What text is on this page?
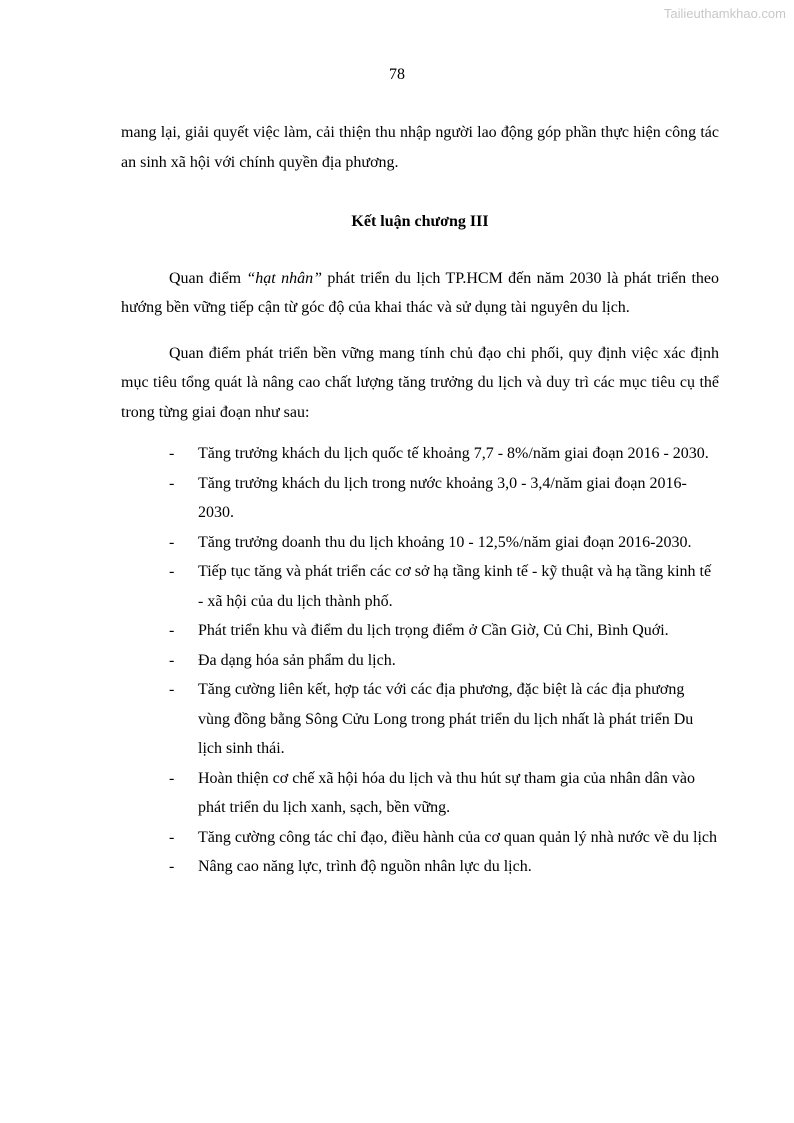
Tailieuthamkhao.com
78

mang lại, giải quyết việc làm, cải thiện thu nhập người lao động góp phần thực hiện công tác an sinh xã hội với chính quyền địa phương.

Kết luận chương III

Quan điểm “hạt nhân” phát triển du lịch TP.HCM đến năm 2030 là phát triển theo hướng bền vững tiếp cận từ góc độ của khai thác và sử dụng tài nguyên du lịch.

Quan điểm phát triển bền vững mang tính chủ đạo chi phối, quy định việc xác định mục tiêu tổng quát là nâng cao chất lượng tăng trưởng du lịch và duy trì các mục tiêu cụ thể trong từng giai đoạn như sau:

- Tăng trưởng khách du lịch quốc tế khoảng 7,7 - 8%/năm giai đoạn 2016 - 2030.
- Tăng trưởng khách du lịch trong nước khoảng 3,0 - 3,4/năm giai đoạn 2016-2030.
- Tăng trưởng doanh thu du lịch khoảng 10 - 12,5%/năm giai đoạn 2016-2030.
- Tiếp tục tăng và phát triển các cơ sở hạ tầng kinh tế - kỹ thuật và hạ tầng kinh tế - xã hội của du lịch thành phố.
- Phát triển khu và điểm du lịch trọng điểm ở Cần Giờ, Củ Chi, Bình Quới.
- Đa dạng hóa sản phẩm du lịch.
- Tăng cường liên kết, hợp tác với các địa phương, đặc biệt là các địa phương vùng đồng bằng Sông Cửu Long trong phát triển du lịch nhất là phát triển Du lịch sinh thái.
- Hoàn thiện cơ chế xã hội hóa du lịch và thu hút sự tham gia của nhân dân vào phát triển du lịch xanh, sạch, bền vững.
- Tăng cường công tác chỉ đạo, điều hành của cơ quan quản lý nhà nước về du lịch
- Nâng cao năng lực, trình độ nguồn nhân lực du lịch.
